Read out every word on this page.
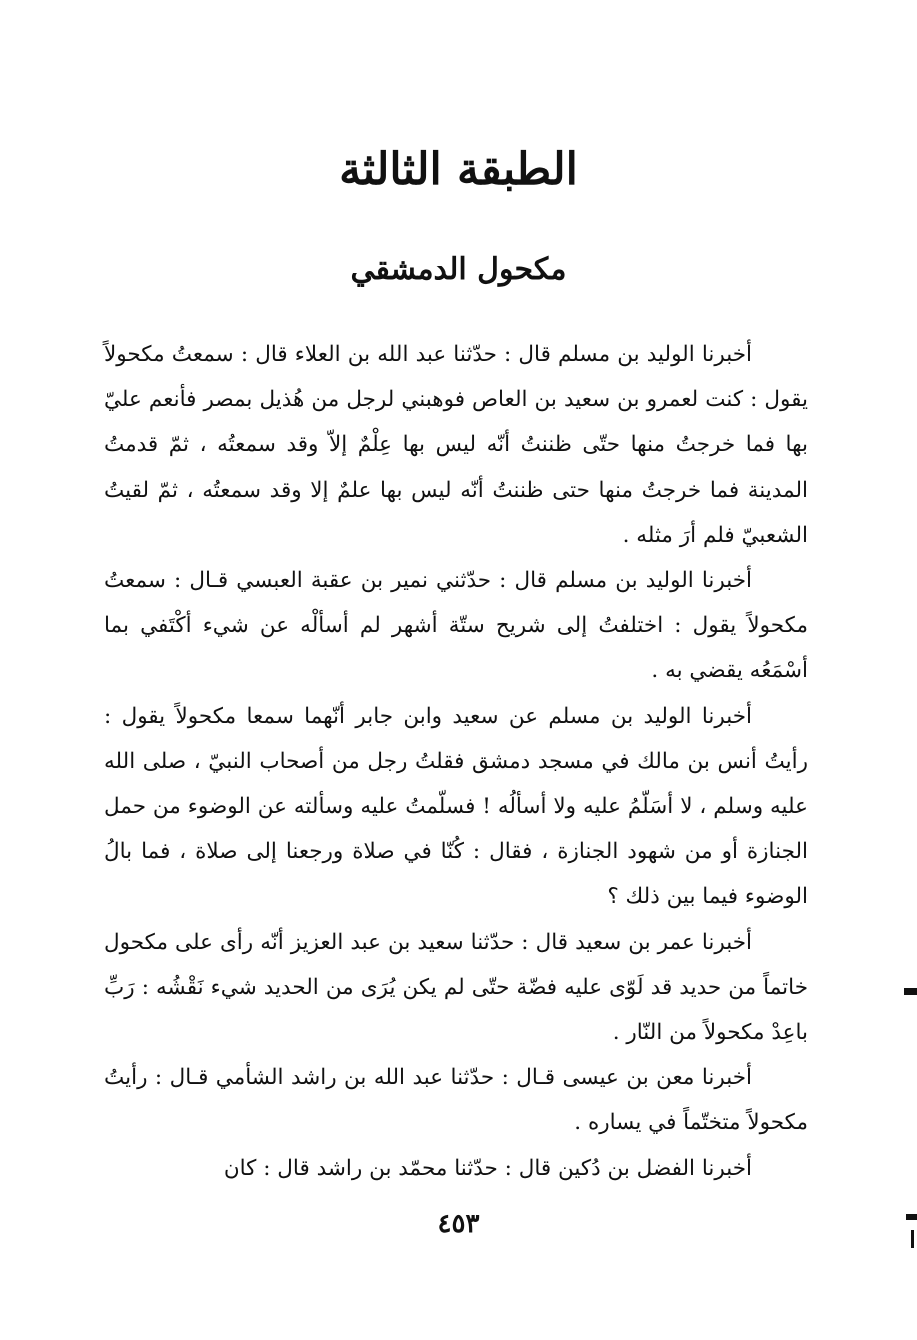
الطبقة الثالثة
مكحول الدمشقي

أخبرنا الوليد بن مسلم قال : حدّثنا عبد الله بن العلاء قال : سمعتُ مكحولاً يقول : كنت لعمرو بن سعيد بن العاص فوهبني لرجل من هُذيل بمصر فأنعم عليّ بها فما خرجتُ منها حتّى ظننتُ أنّه ليس بها عِلْمٌ إلاّ وقد سمعتُه ، ثمّ قدمتُ المدينة فما خرجتُ منها حتى ظننتُ أنّه ليس بها علمٌ إلا وقد سمعتُه ، ثمّ لقيتُ الشعبيّ فلم أرَ مثله .

أخبرنا الوليد بن مسلم قال : حدّثني نمير بن عقبة العبسي قـال : سمعتُ مكحولاً يقول : اختلفتُ إلى شريح ستّة أشهر لم أسألْه عن شيء أكْتَفي بما أسْمَعُه يقضي به .

أخبرنا الوليد بن مسلم عن سعيد وابن جابر أنّهما سمعا مكحولاً يقول : رأيتُ أنس بن مالك في مسجد دمشق فقلتُ رجل من أصحاب النبيّ ، صلى الله عليه وسلم ، لا أسَلّمُ عليه ولا أسألُه ! فسلّمتُ عليه وسألته عن الوضوء من حمل الجنازة أو من شهود الجنازة ، فقال : كُنّا في صلاة ورجعنا إلى صلاة ، فما بالُ الوضوء فيما بين ذلك ؟

أخبرنا عمر بن سعيد قال : حدّثنا سعيد بن عبد العزيز أنّه رأى على مكحول خاتماً من حديد قد لَوّى عليه فضّة حتّى لم يكن يُرَى من الحديد شيء نَقْشُه : رَبِّ باعِدْ مكحولاً من النّار .

أخبرنا معن بن عيسى قـال : حدّثنا عبد الله بن راشد الشأمي قـال : رأيتُ مكحولاً متختّماً في يساره .

أخبرنا الفضل بن دُكين قال : حدّثنا محمّد بن راشد قال : كان

٤٥٣
